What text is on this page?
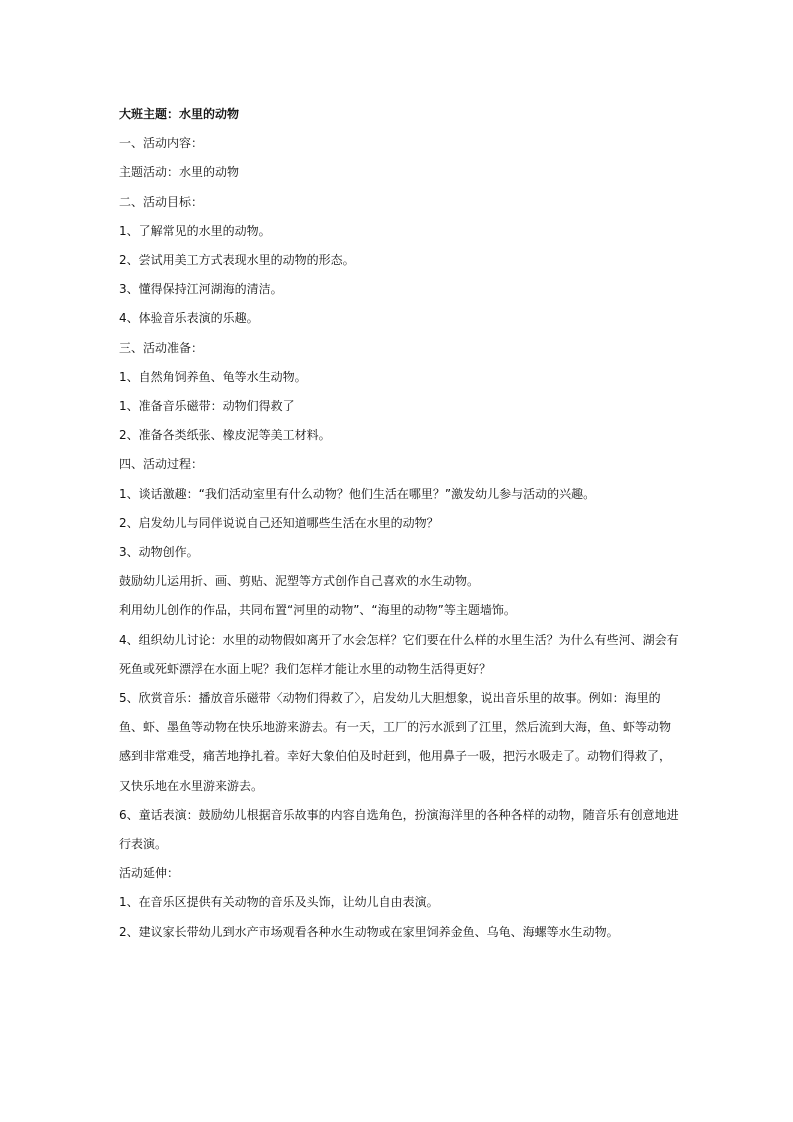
大班主题：水里的动物
一、活动内容：
主题活动：水里的动物
二、活动目标：
1、了解常见的水里的动物。
2、尝试用美工方式表现水里的动物的形态。
3、懂得保持江河湖海的清洁。
4、体验音乐表演的乐趣。
三、活动准备：
1、自然角饲养鱼、龟等水生动物。
1、准备音乐磁带：动物们得救了
2、准备各类纸张、橡皮泥等美工材料。
四、活动过程：
1、谈话激趣：“我们活动室里有什么动物？他们生活在哪里？”激发幼儿参与活动的兴趣。
2、启发幼儿与同伴说说自己还知道哪些生活在水里的动物？
3、动物创作。
鼓励幼儿运用折、画、剪贴、泥塑等方式创作自己喜欢的水生动物。
利用幼儿创作的作品，共同布置“河里的动物”、“海里的动物”等主题墙饰。
4、组织幼儿讨论：水里的动物假如离开了水会怎样？它们要在什么样的水里生活？为什么有些河、湖会有死鱼或死虾漂浮在水面上呢？我们怎样才能让水里的动物生活得更好？
5、欣赏音乐：播放音乐磁带〈动物们得救了〉，启发幼儿大胆想象，说出音乐里的故事。例如：海里的鱼、虾、墨鱼等动物在快乐地游来游去。有一天，工厂的污水派到了江里，然后流到大海，鱼、虾等动物感到非常难受，痛苦地挣扎着。幸好大象伯伯及时赶到，他用鼻子一吸，把污水吸走了。动物们得救了，又快乐地在水里游来游去。
6、童话表演：鼓励幼儿根据音乐故事的内容自选角色，扮演海洋里的各种各样的动物，随音乐有创意地进行表演。
活动延伸：
1、在音乐区提供有关动物的音乐及头饰，让幼儿自由表演。
2、建议家长带幼儿到水产市场观看各种水生动物或在家里饲养金鱼、乌龟、海螺等水生动物。
